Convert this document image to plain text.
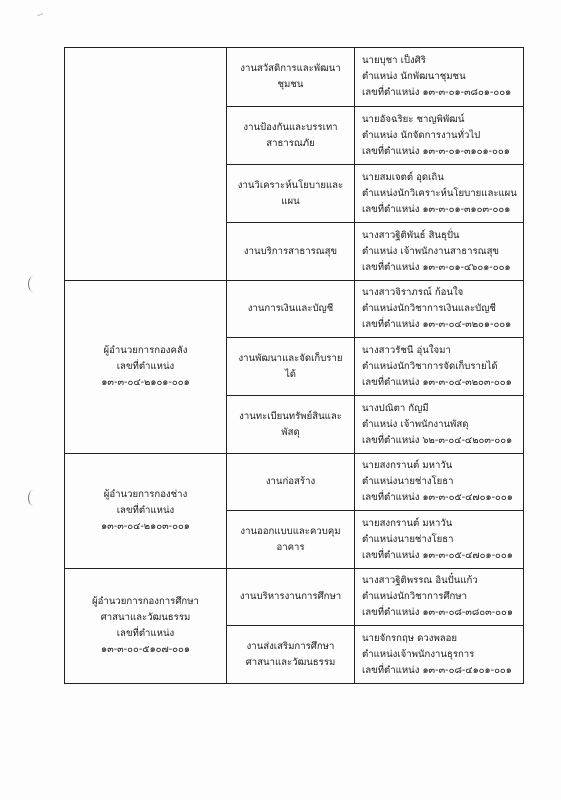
	งานสวัสดิการและพัฒนาชุมชน	นายบุชา เป็งศิริ
ตำแหน่ง นักพัฒนาชุมชน
เลขที่ตำแหน่ง ๑๓-๓-๐๑-๓๘๐๑-๐๐๑

	งานป้องกันและบรรเทาสาธารณภัย	นายอัจฉริยะ ชาญพิพัฒน์
ตำแหน่ง นักจัดการงานทั่วไป
เลขที่ตำแหน่ง ๑๓-๓-๐๑-๓๑๐๑-๐๐๑

	งานวิเคราะห์นโยบายและแผน	นายสมเจตต์ อุดเถิน
ตำแหน่งนักวิเคราะห์นโยบายและแผน
เลขที่ตำแหน่ง ๑๓-๓-๐๑-๓๑๐๓-๐๐๑

	งานบริการสาธารณสุข	นางสาวฐิติพันธ์ สินธุปั่น
ตำแหน่ง เจ้าพนักงานสาธารณสุข
เลขที่ตำแหน่ง ๑๓-๓-๐๑-๔๖๐๑-๐๐๑

ผู้อำนวยการกองคลัง
เลขที่ตำแหน่ง
๑๓-๓-๐๔-๒๑๐๑-๐๐๑	งานการเงินและบัญชี	นางสาวจิราภรณ์ ก้อนใจ
ตำแหน่งนักวิชาการเงินและบัญชี
เลขที่ตำแหน่ง ๑๓-๓-๐๔-๓๒๐๑-๐๐๑

	งานพัฒนาและจัดเก็บรายได้	นางสาวรัชนี อุ่นใจมา
ตำแหน่งนักวิชาการจัดเก็บรายได้
เลขที่ตำแหน่ง ๑๓-๓-๐๔-๓๒๐๓-๐๐๑

	งานทะเบียนทรัพย์สินและพัสดุ	นางปณิตา กัญมี
ตำแหน่ง เจ้าพนักงานพัสดุ
เลขที่ตำแหน่ง ๖๒-๓-๐๔-๔๒๐๓-๐๐๑

ผู้อำนวยการกองช่าง
เลขที่ตำแหน่ง
๑๓-๓-๐๔-๒๑๐๓-๐๐๑	งานก่อสร้าง	นายสงกรานต์ มหาวัน
ตำแหน่งนายช่างโยธา
เลขที่ตำแหน่ง ๑๓-๓-๐๕-๔๗๐๑-๐๐๑

	งานออกแบบและควบคุมอาคาร	นายสงกรานต์ มหาวัน
ตำแหน่งนายช่างโยธา
เลขที่ตำแหน่ง ๑๓-๓-๐๕-๔๗๐๑-๐๐๑

ผู้อำนวยการกองการศึกษา
ศาสนาและวัฒนธรรม
เลขที่ตำแหน่ง
๑๓-๓-๐๐-๕๑๐๗-๐๐๑	งานบริหารงานการศึกษา	นางสาวฐิติพรรณ อินปั๋นแก้ว
ตำแหน่งนักวิชาการศึกษา
เลขที่ตำแหน่ง ๑๓-๓-๐๘-๓๘๐๓-๐๐๑

	งานส่งเสริมการศึกษา ศาสนาและวัฒนธรรม	นายจักรกฤษ ดวงพลอย
ตำแหน่งเจ้าพนักงานธุรการ
เลขที่ตำแหน่ง ๑๓-๓-๐๘-๔๑๐๑-๐๐๑
